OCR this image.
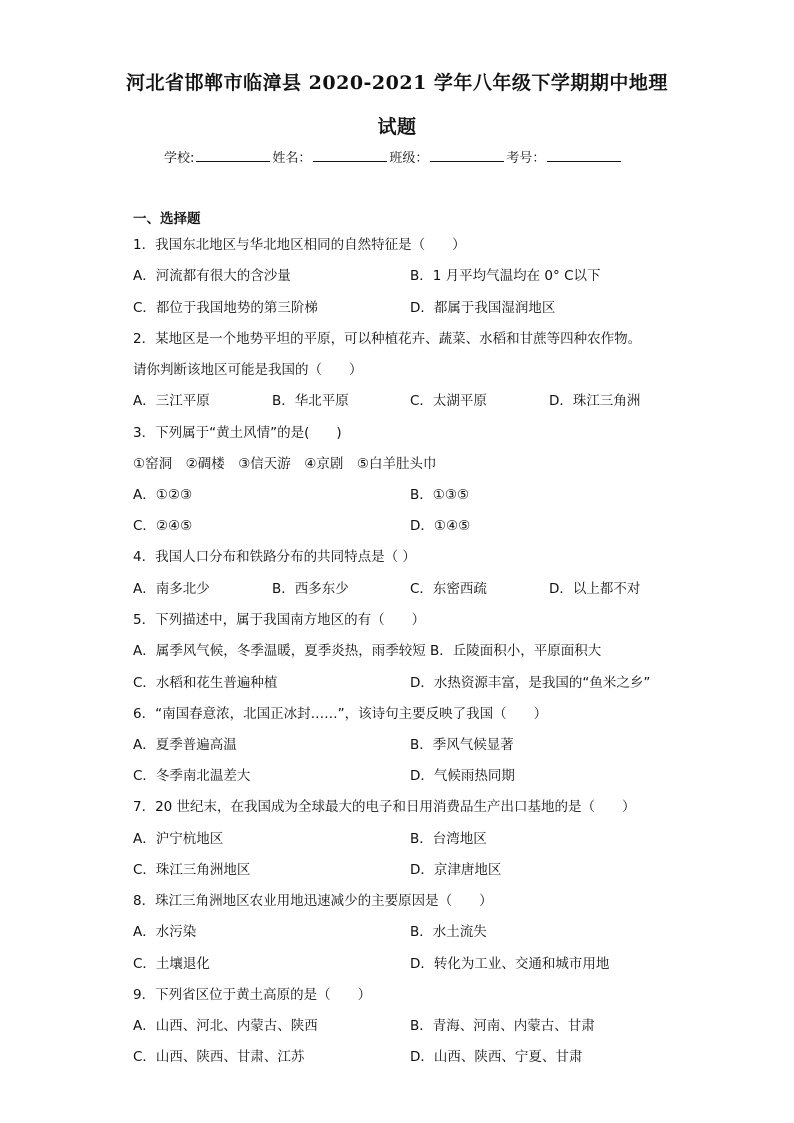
河北省邯郸市临漳县 2020-2021 学年八年级下学期期中地理
试题
学校:	姓名：	班级：	考号：
一、选择题
1．我国东北地区与华北地区相同的自然特征是（　　）
A．河流都有很大的含沙量	B．1 月平均气温均在 0° C以下
C．都位于我国地势的第三阶梯	D．都属于我国湿润地区
2．某地区是一个地势平坦的平原，可以种植花卉、蔬菜、水稻和甘蔗等四种农作物。
请你判断该地区可能是我国的（　　）
A．三江平原	B．华北平原	C．太湖平原	D．珠江三角洲
3．下列属于“黄土风情”的是(　　)
①窑洞　②碉楼　③信天游　④京剧　⑤白羊肚头巾
A．①②③	B．①③⑤
C．②④⑤	D．①④⑤
4．我国人口分布和铁路分布的共同特点是（ ）
A．南多北少	B．西多东少	C．东密西疏	D．以上都不对
5．下列描述中，属于我国南方地区的有（　　）
A．属季风气候，冬季温暖，夏季炎热，雨季较短 B．丘陵面积小，平原面积大
C．水稻和花生普遍种植	D．水热资源丰富，是我国的“鱼米之乡”
6．“南国春意浓，北国正冰封……”，该诗句主要反映了我国（　　）
A．夏季普遍高温	B．季风气候显著
C．冬季南北温差大	D．气候雨热同期
7．20 世纪末，在我国成为全球最大的电子和日用消费品生产出口基地的是（　　）
A．沪宁杭地区	B．台湾地区
C．珠江三角洲地区	D．京津唐地区
8．珠江三角洲地区农业用地迅速减少的主要原因是（　　）
A．水污染	B．水土流失
C．土壤退化	D．转化为工业、交通和城市用地
9．下列省区位于黄土高原的是（　　）
A．山西、河北、内蒙古、陕西	B．青海、河南、内蒙古、甘肃
C．山西、陕西、甘肃、江苏	D．山西、陕西、宁夏、甘肃
